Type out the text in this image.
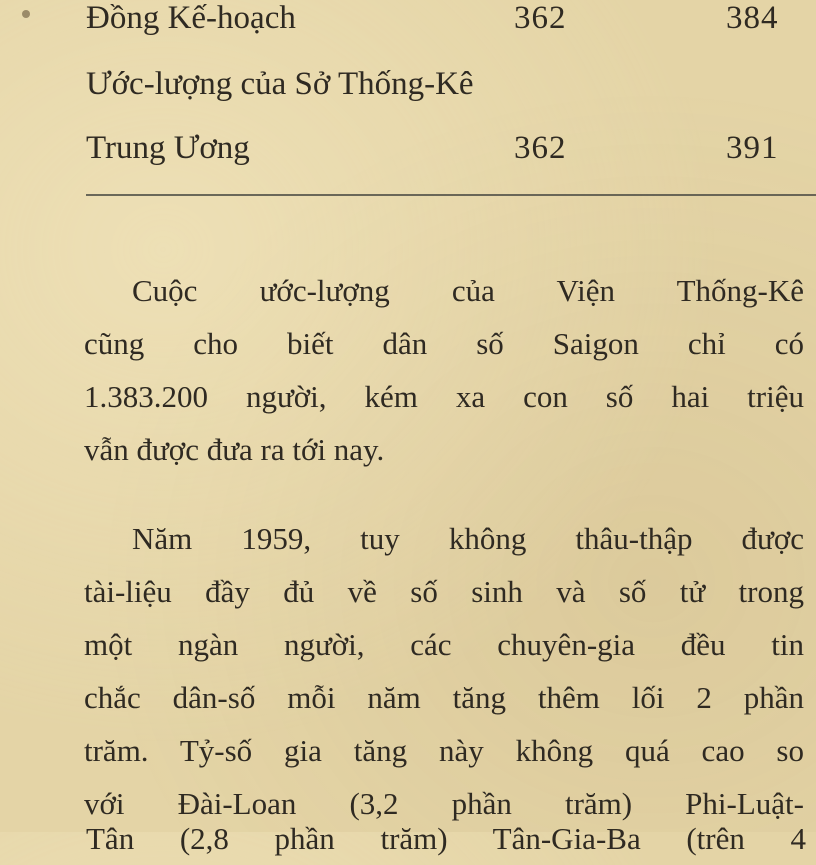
Đồng Kế-hoạch	362	384
Ước-lượng của Sở Thống-Kê
Trung Ương	362	391
Cuộc ước-lượng của Viện Thống-Kê
cũng cho biết dân số Saigon chỉ có
1.383.200 người, kém xa con số hai triệu
vẫn được đưa ra tới nay.
Năm 1959, tuy không thâu-thập được
tài-liệu đầy đủ về số sinh và số tử trong
một ngàn người, các chuyên-gia đều tin
chắc dân-số mỗi năm tăng thêm lối 2 phần
trăm. Tỷ-số gia tăng này không quá cao so
với Đài-Loan (3,2 phần trăm) Phi-Luật-
Tân (2,8 phần trăm) Tân-Gia-Ba (trên 4
